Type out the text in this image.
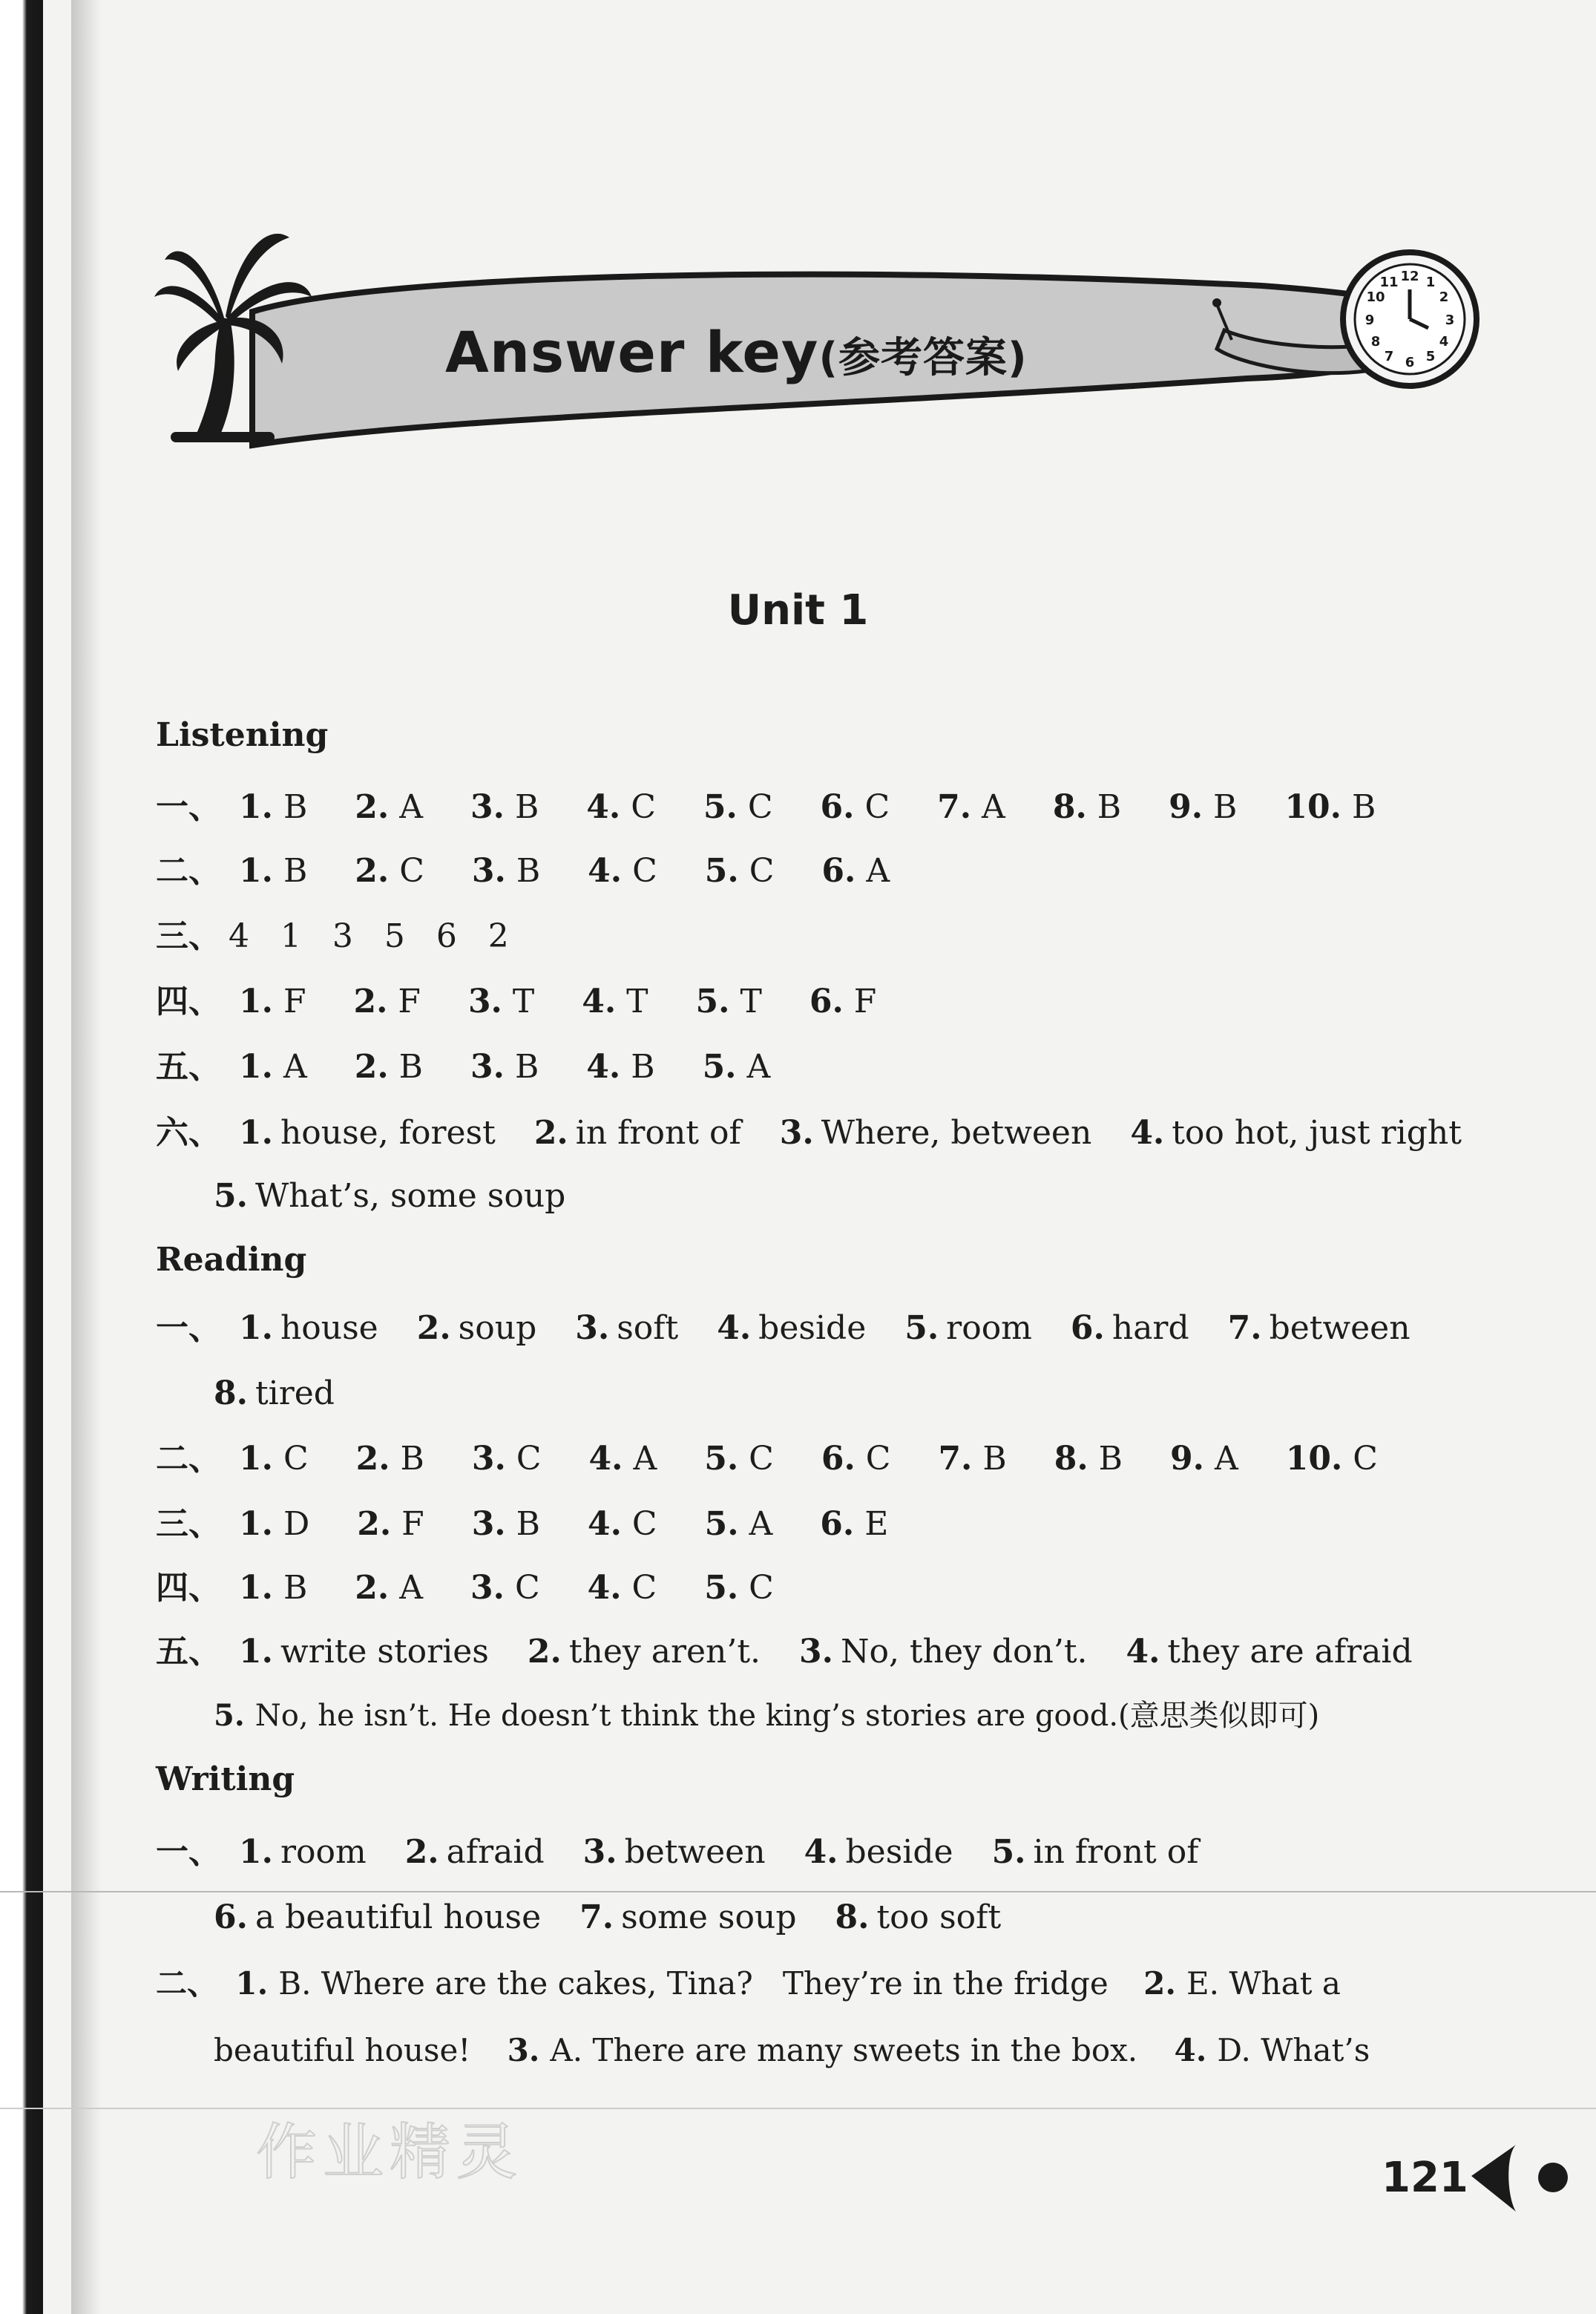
12 1
2
3
4
5
6
7
8
9
10
11
Answer key(参考答案)
Unit 1
Listening
一、 1. B 2. A 3. B 4. C 5. C 6. C 7. A 8. B 9. B 10. B
二、 1. B 2. C 3. B 4. C 5. C 6. A
三、 4   1   3   5   6   2
四、 1. F 2. F 3. T 4. T 5. T 6. F
五、 1. A 2. B 3. B 4. B 5. A
六、 1. house, forest 2. in front of 3. Where, between 4. too hot, just right
5. What’s, some soup
Reading
一、 1. house 2. soup 3. soft 4. beside 5. room 6. hard 7. between
8. tired
二、 1. C 2. B 3. C 4. A 5. C 6. C 7. B 8. B 9. A 10. C
三、 1. D 2. F 3. B 4. C 5. A 6. E
四、 1. B 2. A 3. C 4. C 5. C
五、 1. write stories 2. they aren’t. 3. No, they don’t. 4. they are afraid
5. No, he isn’t. He doesn’t think the king’s stories are good.(意思类似即可)
Writing
一、 1. room 2. afraid 3. between 4. beside 5. in front of
6. a beautiful house 7. some soup 8. too soft
二、 1. B. Where are the cakes, Tina?   They’re in the fridge 2. E. What a
beautiful house! 3. A. There are many sweets in the box. 4. D. What’s
作业精灵	121
